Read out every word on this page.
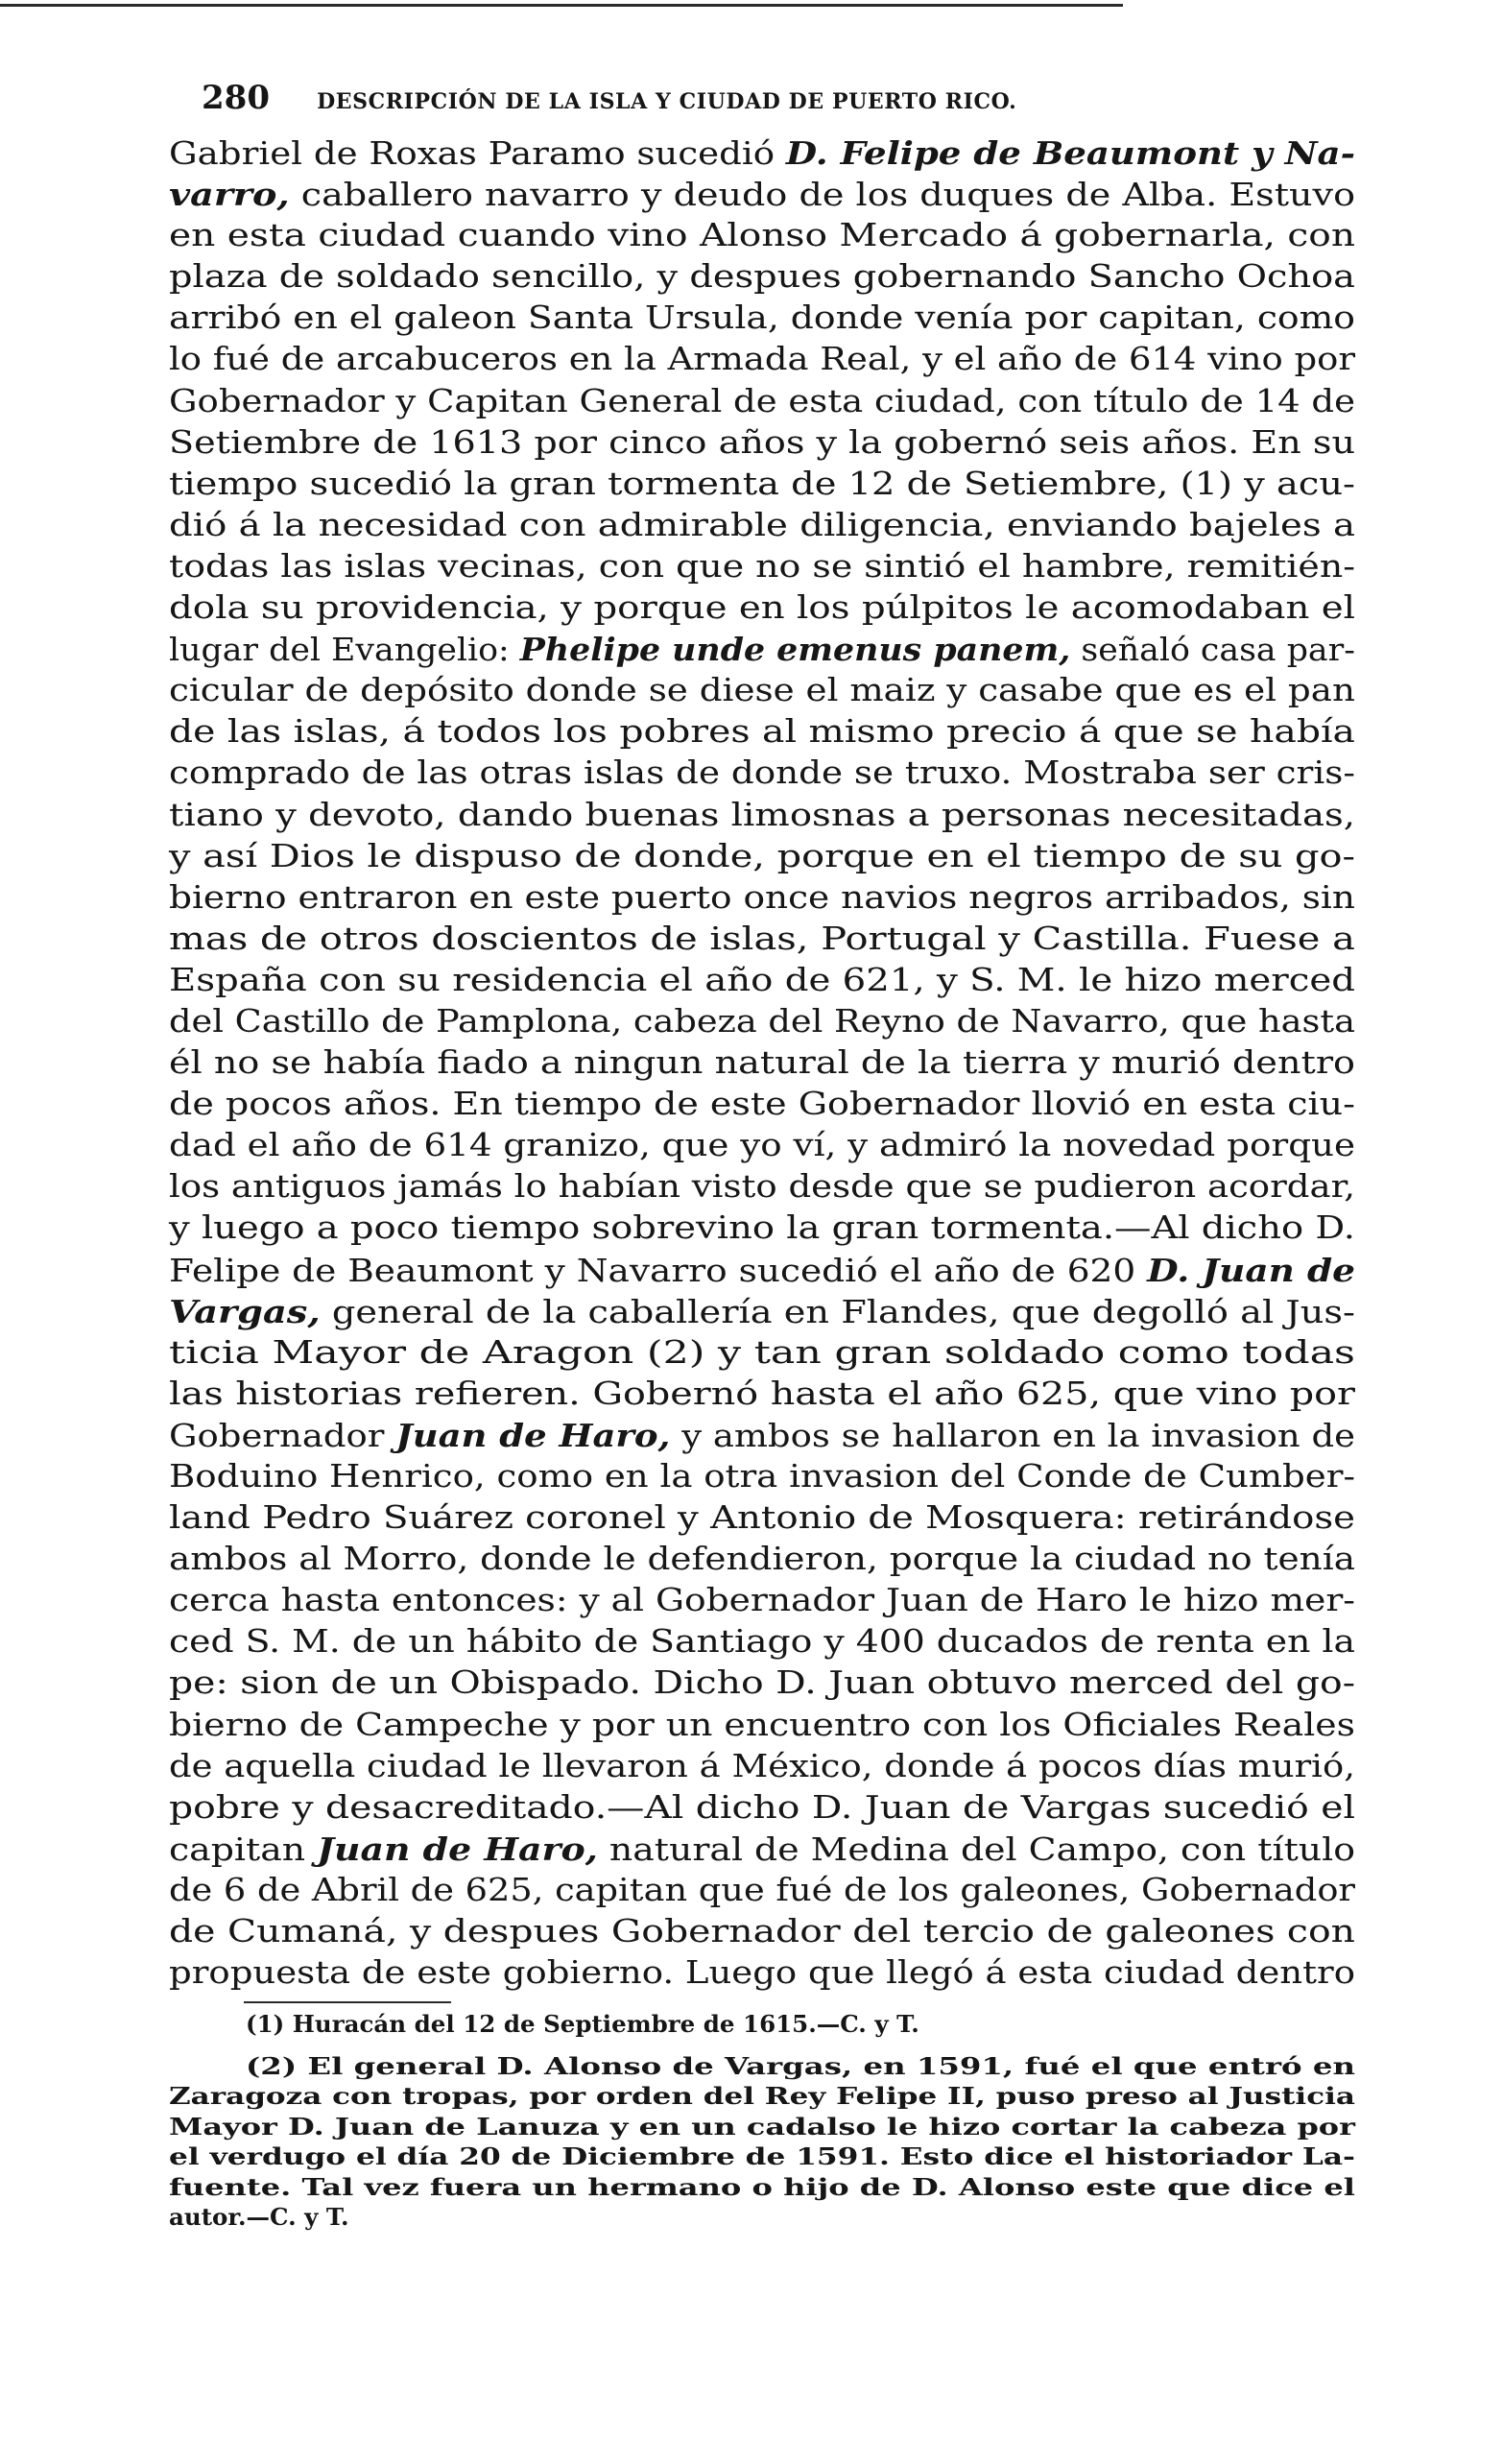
280 DESCRIPCIÓN DE LA ISLA Y CIUDAD DE PUERTO RICO.
Gabriel de Roxas Paramo sucedió D. Felipe de Beaumont y Na-
varro, caballero navarro y deudo de los duques de Alba. Estuvo
en esta ciudad cuando vino Alonso Mercado á gobernarla, con
plaza de soldado sencillo, y despues gobernando Sancho Ochoa
arribó en el galeon Santa Ursula, donde venía por capitan, como
lo fué de arcabuceros en la Armada Real, y el año de 614 vino por
Gobernador y Capitan General de esta ciudad, con título de 14 de
Setiembre de 1613 por cinco años y la gobernó seis años. En su
tiempo sucedió la gran tormenta de 12 de Setiembre, (1) y acu-
dió á la necesidad con admirable diligencia, enviando bajeles a
todas las islas vecinas, con que no se sintió el hambre, remitién-
dola su providencia, y porque en los púlpitos le acomodaban el
lugar del Evangelio: Phelipe unde emenus panem, señaló casa par-
cicular de depósito donde se diese el maiz y casabe que es el pan
de las islas, á todos los pobres al mismo precio á que se había
comprado de las otras islas de donde se truxo. Mostraba ser cris-
tiano y devoto, dando buenas limosnas a personas necesitadas,
y así Dios le dispuso de donde, porque en el tiempo de su go-
bierno entraron en este puerto once navios negros arribados, sin
mas de otros doscientos de islas, Portugal y Castilla. Fuese a
España con su residencia el año de 621, y S. M. le hizo merced
del Castillo de Pamplona, cabeza del Reyno de Navarro, que hasta
él no se había fiado a ningun natural de la tierra y murió dentro
de pocos años. En tiempo de este Gobernador llovió en esta ciu-
dad el año de 614 granizo, que yo ví, y admiró la novedad porque
los antiguos jamás lo habían visto desde que se pudieron acordar,
y luego a poco tiempo sobrevino la gran tormenta.—Al dicho D.
Felipe de Beaumont y Navarro sucedió el año de 620 D. Juan de
Vargas, general de la caballería en Flandes, que degolló al Jus-
ticia Mayor de Aragon (2) y tan gran soldado como todas
las historias refieren. Gobernó hasta el año 625, que vino por
Gobernador Juan de Haro, y ambos se hallaron en la invasion de
Boduino Henrico, como en la otra invasion del Conde de Cumber-
land Pedro Suárez coronel y Antonio de Mosquera: retirándose
ambos al Morro, donde le defendieron, porque la ciudad no tenía
cerca hasta entonces: y al Gobernador Juan de Haro le hizo mer-
ced S. M. de un hábito de Santiago y 400 ducados de renta en la
pe: sion de un Obispado. Dicho D. Juan obtuvo merced del go-
bierno de Campeche y por un encuentro con los Oficiales Reales
de aquella ciudad le llevaron á México, donde á pocos días murió,
pobre y desacreditado.—Al dicho D. Juan de Vargas sucedió el
capitan Juan de Haro, natural de Medina del Campo, con título
de 6 de Abril de 625, capitan que fué de los galeones, Gobernador
de Cumaná, y despues Gobernador del tercio de galeones con
propuesta de este gobierno. Luego que llegó á esta ciudad dentro
(1) Huracán del 12 de Septiembre de 1615.—C. y T.
(2) El general D. Alonso de Vargas, en 1591, fué el que entró en
Zaragoza con tropas, por orden del Rey Felipe II, puso preso al Justicia
Mayor D. Juan de Lanuza y en un cadalso le hizo cortar la cabeza por
el verdugo el día 20 de Diciembre de 1591. Esto dice el historiador La-
fuente. Tal vez fuera un hermano o hijo de D. Alonso este que dice el
autor.—C. y T.
